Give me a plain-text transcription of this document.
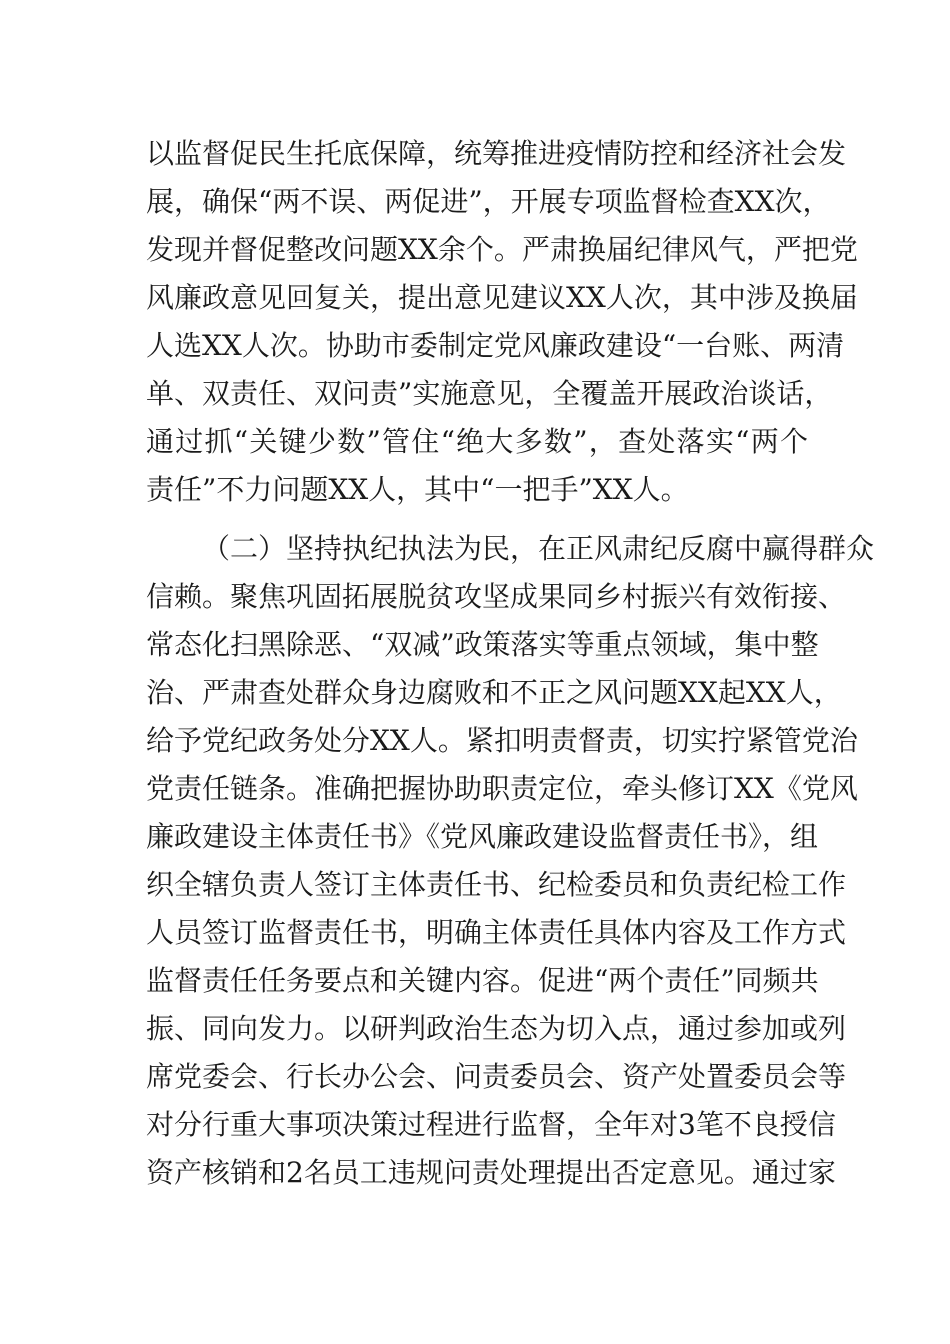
以监督促民生托底保障，统筹推进疫情防控和经济社会发
展，确保“两不误、两促进”，开展专项监督检查XX次，
发现并督促整改问题XX余个。严肃换届纪律风气，严把党
风廉政意见回复关，提出意见建议XX人次，其中涉及换届
人选XX人次。协助市委制定党风廉政建设“一台账、两清
单、双责任、双问责”实施意见，全覆盖开展政治谈话，
通过抓“关键少数”管住“绝大多数”，查处落实“两个
责任”不力问题XX人，其中“一把手”XX人。
（二）坚持执纪执法为民，在正风肃纪反腐中赢得群众
信赖。聚焦巩固拓展脱贫攻坚成果同乡村振兴有效衔接、
常态化扫黑除恶、“双减”政策落实等重点领域，集中整
治、严肃查处群众身边腐败和不正之风问题XX起XX人，
给予党纪政务处分XX人。紧扣明责督责，切实拧紧管党治
党责任链条。准确把握协助职责定位，牵头修订XX《党风
廉政建设主体责任书》《党风廉政建设监督责任书》，组
织全辖负责人签订主体责任书、纪检委员和负责纪检工作
人员签订监督责任书，明确主体责任具体内容及工作方式
监督责任任务要点和关键内容。促进“两个责任”同频共
振、同向发力。以研判政治生态为切入点，通过参加或列
席党委会、行长办公会、问责委员会、资产处置委员会等
对分行重大事项决策过程进行监督，全年对3笔不良授信
资产核销和2名员工违规问责处理提出否定意见。通过家
